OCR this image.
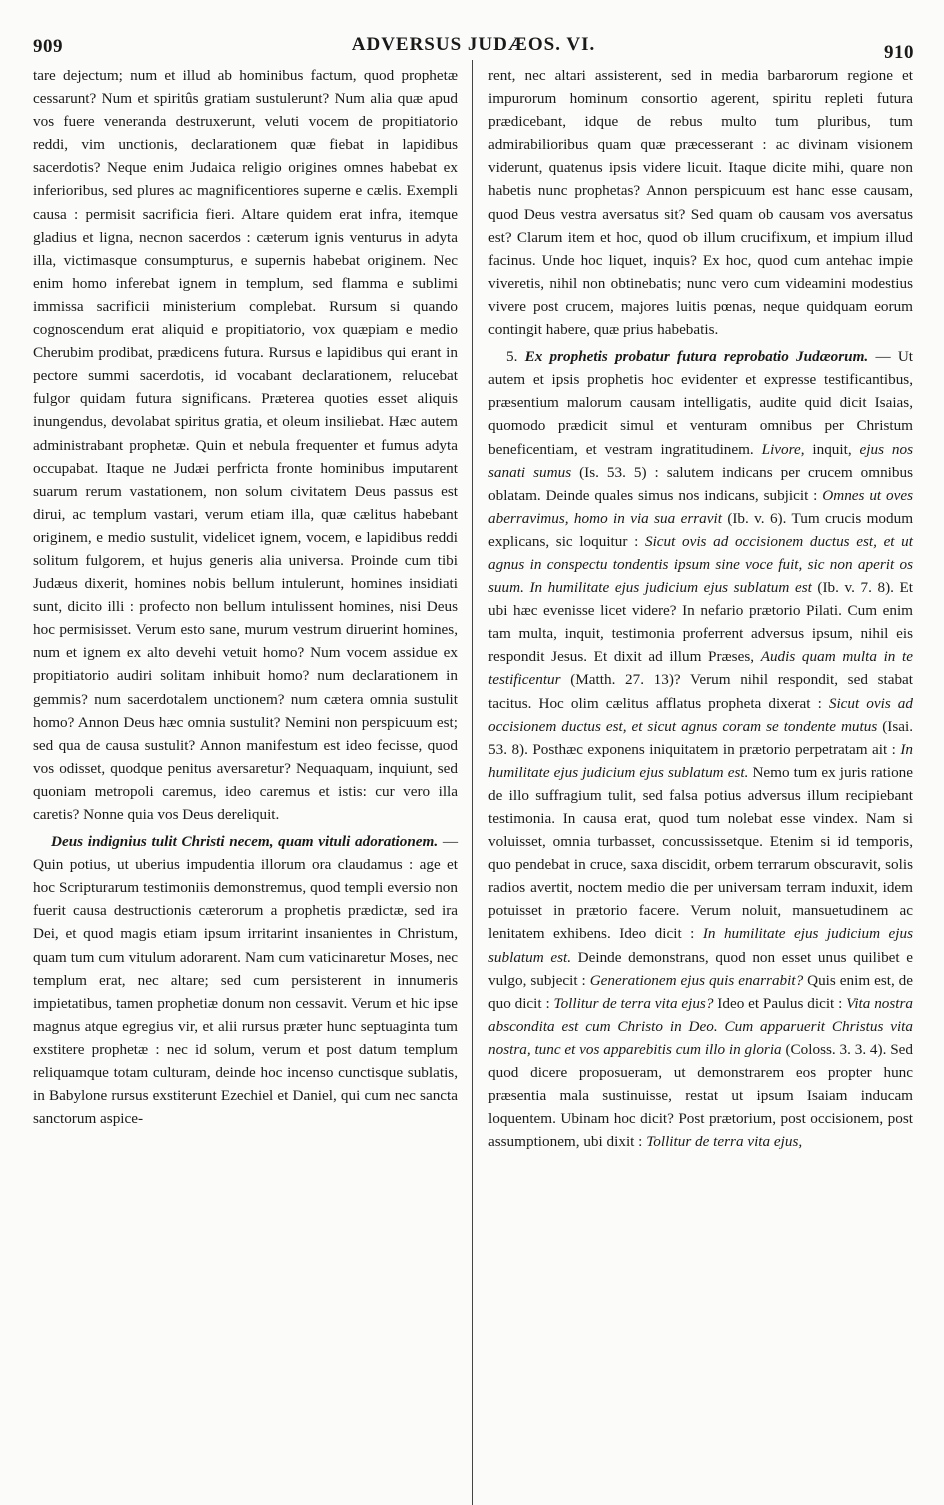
909	ADVERSUS JUDÆOS. VI.	910

tare dejectum; num et illud ab hominibus factum, quod prophetæ cessarunt? Num et spiritûs gratiam sustulerunt? Num alia quæ apud vos fuere veneranda destruxerunt, veluti vocem de propitiatorio reddi, vim unctionis, declarationem quæ fiebat in lapidibus sacerdotis? Neque enim Judaica religio origines omnes habebat ex inferioribus, sed plures ac magnificentiores superne e cælis. Exempli causa : permisit sacrificia fieri. Altare quidem erat infra, itemque gladius et ligna, necnon sacerdos : cæterum ignis venturus in adyta illa, victimasque consumpturus, e supernis habebat originem. Nec enim homo inferebat ignem in templum, sed flamma e sublimi immissa sacrificii ministerium complebat. Rursum si quando cognoscendum erat aliquid e propitiatorio, vox quæpiam e medio Cherubim prodibat, prædicens futura. Rursus e lapidibus qui erant in pectore summi sacerdotis, id vocabant declarationem, relucebat fulgor quidam futura significans. Præterea quoties esset aliquis inungendus, devolabat spiritus gratia, et oleum insiliebat. Hæc autem administrabant prophetæ. Quin et nebula frequenter et fumus adyta occupabat. Itaque ne Judæi perfricta fronte hominibus imputarent suarum rerum vastationem, non solum civitatem Deus passus est dirui, ac templum vastari, verum etiam illa, quæ cælitus habebant originem, e medio sustulit, videlicet ignem, vocem, e lapidibus reddi solitum fulgorem, et hujus generis alia universa. Proinde cum tibi Judæus dixerit, homines nobis bellum intulerunt, homines insidiati sunt, dicito illi : profecto non bellum intulissent homines, nisi Deus hoc permisisset. Verum esto sane, murum vestrum diruerint homines, num et ignem ex alto devehi vetuit homo? Num vocem assidue ex propitiatorio audiri solitam inhibuit homo? num declarationem in gemmis? num sacerdotalem unctionem? num cætera omnia sustulit homo? Annon Deus hæc omnia sustulit? Nemini non perspicuum est; sed qua de causa sustulit? Annon manifestum est ideo fecisse, quod vos odisset, quodque penitus aversaretur? Nequaquam, inquiunt, sed quoniam metropoli caremus, ideo caremus et istis: cur vero illa caretis? Nonne quia vos Deus dereliquit.

Deus indignius tulit Christi necem, quam vituli adorationem. — Quin potius, ut uberius impudentia illorum ora claudamus : age et hoc Scripturarum testimoniis demonstremus, quod templi eversio non fuerit causa destructionis cæterorum a prophetis prædictæ, sed ira Dei, et quod magis etiam ipsum irritarint insanientes in Christum, quam tum cum vitulum adorarent. Nam cum vaticinaretur Moses, nec templum erat, nec altare; sed cum persisterent in innumeris impietatibus, tamen prophetiæ donum non cessavit. Verum et hic ipse magnus atque egregius vir, et alii rursus præter hunc septuaginta tum exstitere prophetæ : nec id solum, verum et post datum templum reliquamque totam culturam, deinde hoc incenso cunctisque sublatis, in Babylone rursus exstiterunt Ezechiel et Daniel, qui cum nec sancta sanctorum aspice-

rent, nec altari assisterent, sed in media barbarorum regione et impurorum hominum consortio agerent, spiritu repleti futura prædicebant, idque de rebus multo tum pluribus, tum admirabilioribus quam quæ præcesserant : ac divinam visionem viderunt, quatenus ipsis videre licuit. Itaque dicite mihi, quare non habetis nunc prophetas? Annon perspicuum est hanc esse causam, quod Deus vestra aversatus sit? Sed quam ob causam vos aversatus est? Clarum item et hoc, quod ob illum crucifixum, et impium illud facinus. Unde hoc liquet, inquis? Ex hoc, quod cum antehac impie viveretis, nihil non obtinebatis; nunc vero cum videamini modestius vivere post crucem, majores luitis pœnas, neque quidquam eorum contingit habere, quæ prius habebatis.

5. Ex prophetis probatur futura reprobatio Judæorum. — Ut autem et ipsis prophetis hoc evidenter et expresse testificantibus, præsentium malorum causam intelligatis, audite quid dicit Isaias, quomodo prædicit simul et venturam omnibus per Christum beneficentiam, et vestram ingratitudinem. Livore, inquit, ejus nos sanati sumus (Is. 53. 5) : salutem indicans per crucem omnibus oblatam. Deinde quales simus nos indicans, subjicit : Omnes ut oves aberravimus, homo in via sua erravit (Ib. v. 6). Tum crucis modum explicans, sic loquitur : Sicut ovis ad occisionem ductus est, et ut agnus in conspectu tondentis ipsum sine voce fuit, sic non aperit os suum. In humilitate ejus judicium ejus sublatum est (Ib. v. 7. 8). Et ubi hæc evenisse licet videre? In nefario prætorio Pilati. Cum enim tam multa, inquit, testimonia proferrent adversus ipsum, nihil eis respondit Jesus. Et dixit ad illum Præses, Audis quam multa in te testificentur (Matth. 27. 13)? Verum nihil respondit, sed stabat tacitus. Hoc olim cælitus afflatus propheta dixerat : Sicut ovis ad occisionem ductus est, et sicut agnus coram se tondente mutus (Isai. 53. 8). Posthæc exponens iniquitatem in prætorio perpetratam ait : In humilitate ejus judicium ejus sublatum est. Nemo tum ex juris ratione de illo suffragium tulit, sed falsa potius adversus illum recipiebant testimonia. In causa erat, quod tum nolebat esse vindex. Nam si voluisset, omnia turbasset, concussissetque. Etenim si id temporis, quo pendebat in cruce, saxa discidit, orbem terrarum obscuravit, solis radios avertit, noctem medio die per universam terram induxit, idem potuisset in prætorio facere. Verum noluit, mansuetudinem ac lenitatem exhibens. Ideo dicit : In humilitate ejus judicium ejus sublatum est. Deinde demonstrans, quod non esset unus quilibet e vulgo, subjecit : Generationem ejus quis enarrabit? Quis enim est, de quo dicit : Tollitur de terra vita ejus? Ideo et Paulus dicit : Vita nostra abscondita est cum Christo in Deo. Cum apparuerit Christus vita nostra, tunc et vos apparebitis cum illo in gloria (Coloss. 3. 3. 4). Sed quod dicere proposueram, ut demonstrarem eos propter hunc præsentia mala sustinuisse, restat ut ipsum Isaiam inducam loquentem. Ubinam hoc dicit? Post prætorium, post occisionem, post assumptionem, ubi dixit : Tollitur de terra vita ejus,
